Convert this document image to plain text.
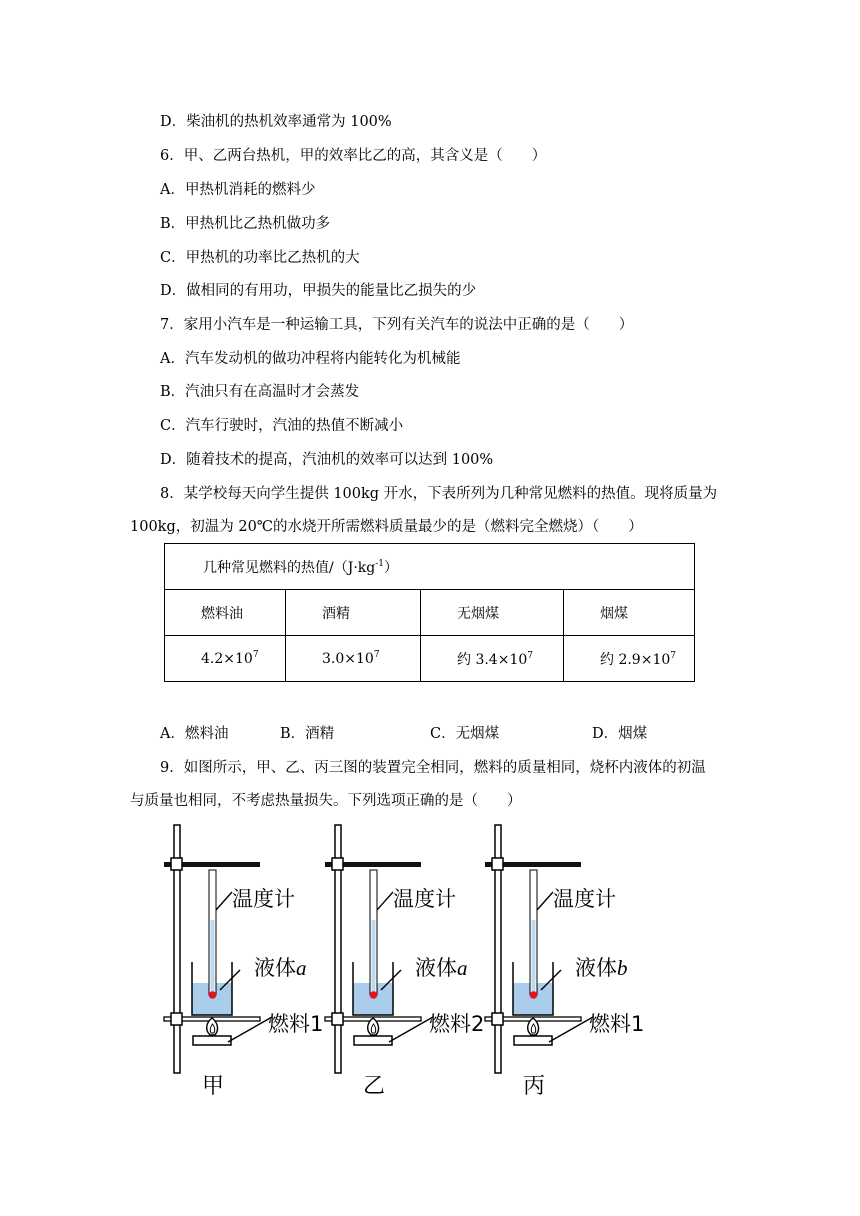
D．柴油机的热机效率通常为 100%
6．甲、乙两台热机，甲的效率比乙的高，其含义是（　　）
A．甲热机消耗的燃料少
B．甲热机比乙热机做功多
C．甲热机的功率比乙热机的大
D．做相同的有用功，甲损失的能量比乙损失的少
7．家用小汽车是一种运输工具，下列有关汽车的说法中正确的是（　　）
A．汽车发动机的做功冲程将内能转化为机械能
B．汽油只有在高温时才会蒸发
C．汽车行驶时，汽油的热值不断减小
D．随着技术的提高，汽油机的效率可以达到 100%
8．某学校每天向学生提供 100kg 开水，下表所列为几种常见燃料的热值。现将质量为
100kg，初温为 20℃的水烧开所需燃料质量最少的是（燃料完全燃烧）（　　）
几种常见燃料的热值$/(J\cdot kg^{-1})$			
燃料油	酒精	无烟煤	烟煤
$4.2\times 10^7$	$3.0\times 10^7$	约 $3.4\times 10^7$	约 $2.9\times 10^7$
A．燃料油	B．酒精	C．无烟煤	D．烟煤
9．如图所示，甲、乙、丙三图的装置完全相同，燃料的质量相同，烧杯内液体的初温
与质量也相同，不考虑热量损失。下列选项正确的是（　　）
温度计
液体a
燃料1
甲
温度计
液体a
燃料2
乙
温度计
液体b
燃料1
丙
